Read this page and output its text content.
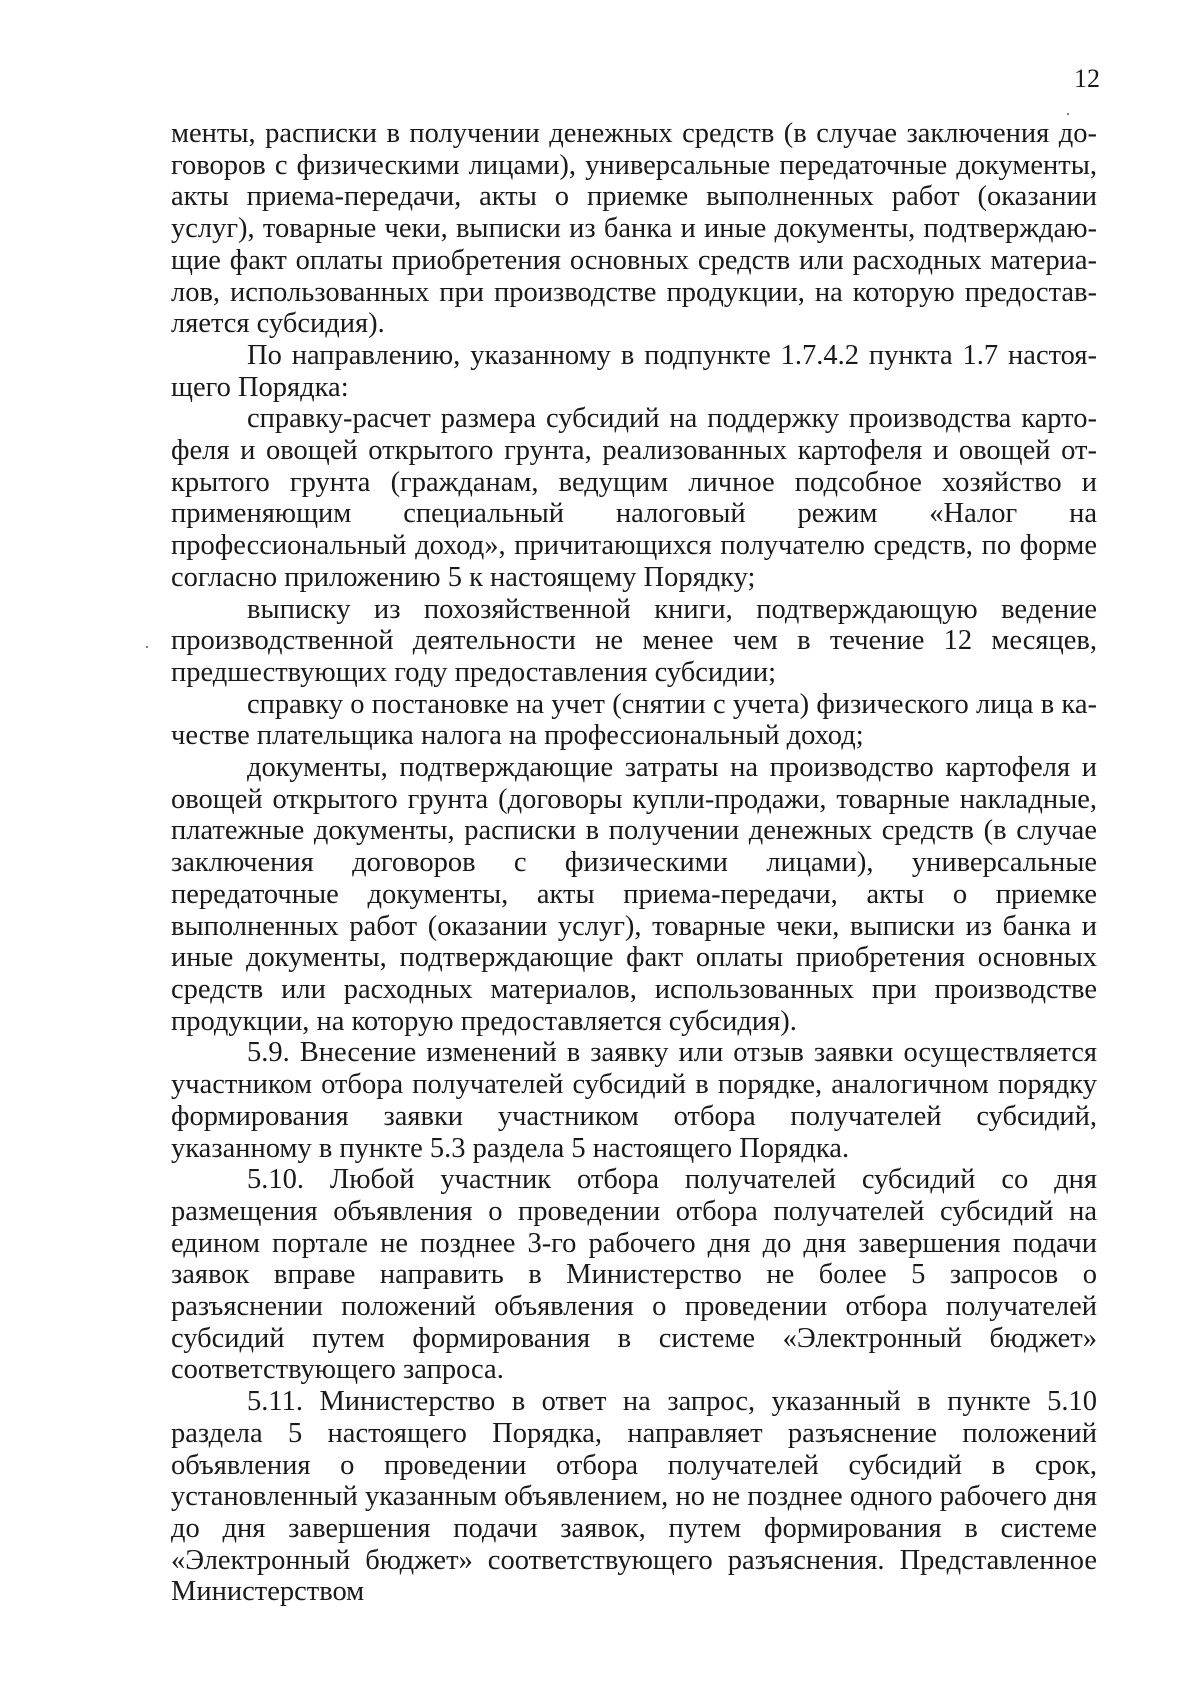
12

менты, расписки в получении денежных средств (в случае заключения договоров с физическими лицами), универсальные передаточные документы, акты приема-передачи, акты о приемке выполненных работ (оказании услуг), товарные чеки, выписки из банка и иные документы, подтверждающие факт оплаты приобретения основных средств или расходных материалов, использованных при производстве продукции, на которую предоставляется субсидия).

По направлению, указанному в подпункте 1.7.4.2 пункта 1.7 настоящего Порядка:

справку-расчет размера субсидий на поддержку производства картофеля и овощей открытого грунта, реализованных картофеля и овощей открытого грунта (гражданам, ведущим личное подсобное хозяйство и применяющим специальный налоговый режим «Налог на профессиональный доход», причитающихся получателю средств, по форме согласно приложению 5 к настоящему Порядку;

выписку из похозяйственной книги, подтверждающую ведение производственной деятельности не менее чем в течение 12 месяцев, предшествующих году предоставления субсидии;

справку о постановке на учет (снятии с учета) физического лица в качестве плательщика налога на профессиональный доход;

документы, подтверждающие затраты на производство картофеля и овощей открытого грунта (договоры купли-продажи, товарные накладные, платежные документы, расписки в получении денежных средств (в случае заключения договоров с физическими лицами), универсальные передаточные документы, акты приема-передачи, акты о приемке выполненных работ (оказании услуг), товарные чеки, выписки из банка и иные документы, подтверждающие факт оплаты приобретения основных средств или расходных материалов, использованных при производстве продукции, на которую предоставляется субсидия).

5.9. Внесение изменений в заявку или отзыв заявки осуществляется участником отбора получателей субсидий в порядке, аналогичном порядку формирования заявки участником отбора получателей субсидий, указанному в пункте 5.3 раздела 5 настоящего Порядка.

5.10. Любой участник отбора получателей субсидий со дня размещения объявления о проведении отбора получателей субсидий на едином портале не позднее 3-го рабочего дня до дня завершения подачи заявок вправе направить в Министерство не более 5 запросов о разъяснении положений объявления о проведении отбора получателей субсидий путем формирования в системе «Электронный бюджет» соответствующего запроса.

5.11. Министерство в ответ на запрос, указанный в пункте 5.10 раздела 5 настоящего Порядка, направляет разъяснение положений объявления о проведении отбора получателей субсидий в срок, установленный указанным объявлением, но не позднее одного рабочего дня до дня завершения подачи заявок, путем формирования в системе «Электронный бюджет» соответствующего разъяснения. Представленное Министерством
